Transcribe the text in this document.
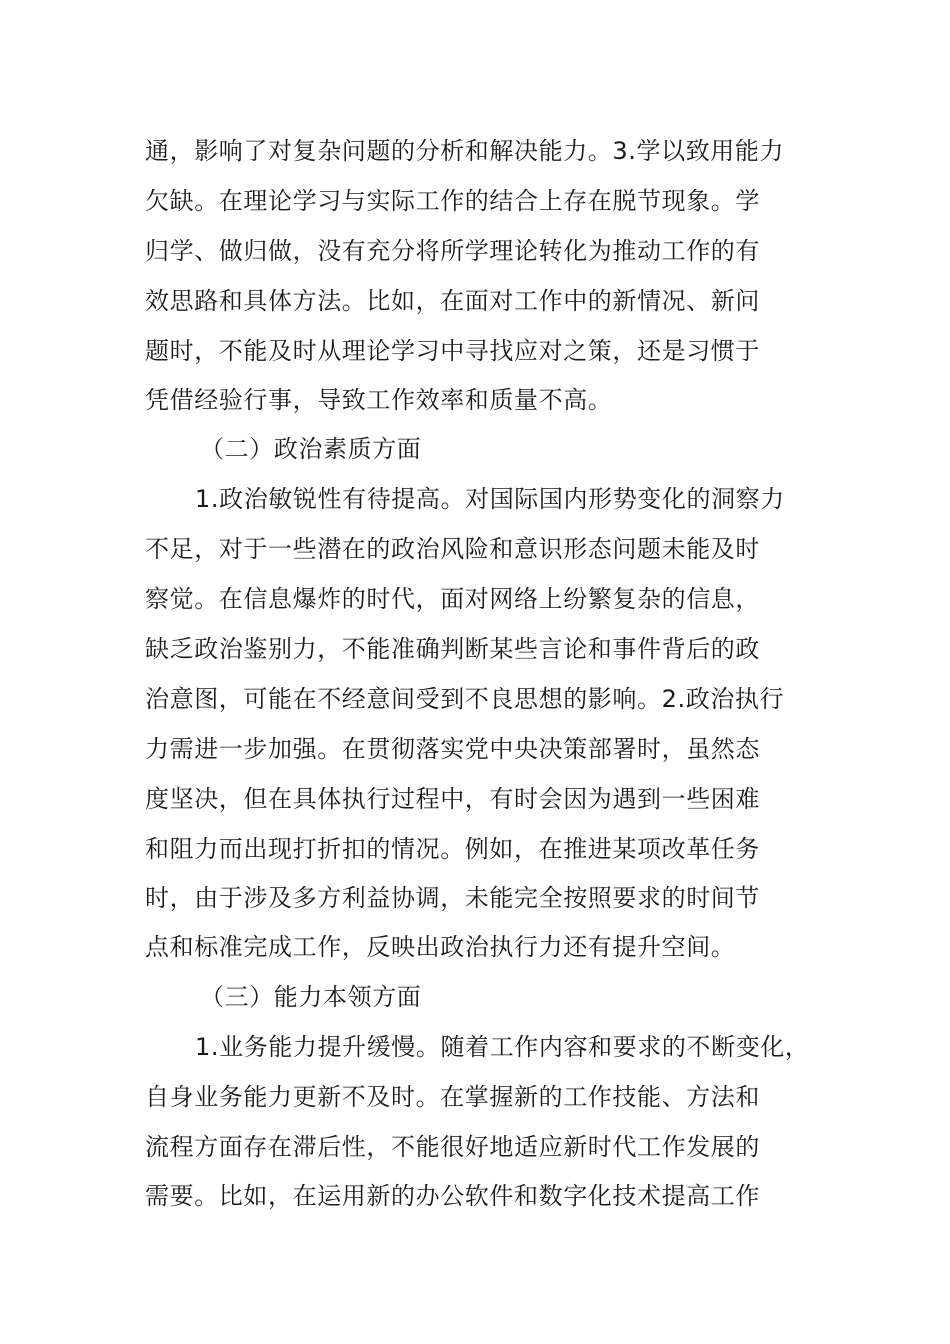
通，影响了对复杂问题的分析和解决能力。3.学以致用能力
欠缺。在理论学习与实际工作的结合上存在脱节现象。学
归学、做归做，没有充分将所学理论转化为推动工作的有
效思路和具体方法。比如，在面对工作中的新情况、新问
题时，不能及时从理论学习中寻找应对之策，还是习惯于
凭借经验行事，导致工作效率和质量不高。
（二）政治素质方面
1.政治敏锐性有待提高。对国际国内形势变化的洞察力
不足，对于一些潜在的政治风险和意识形态问题未能及时
察觉。在信息爆炸的时代，面对网络上纷繁复杂的信息，
缺乏政治鉴别力，不能准确判断某些言论和事件背后的政
治意图，可能在不经意间受到不良思想的影响。2.政治执行
力需进一步加强。在贯彻落实党中央决策部署时，虽然态
度坚决，但在具体执行过程中，有时会因为遇到一些困难
和阻力而出现打折扣的情况。例如，在推进某项改革任务
时，由于涉及多方利益协调，未能完全按照要求的时间节
点和标准完成工作，反映出政治执行力还有提升空间。
（三）能力本领方面
1.业务能力提升缓慢。随着工作内容和要求的不断变化，
自身业务能力更新不及时。在掌握新的工作技能、方法和
流程方面存在滞后性，不能很好地适应新时代工作发展的
需要。比如，在运用新的办公软件和数字化技术提高工作
